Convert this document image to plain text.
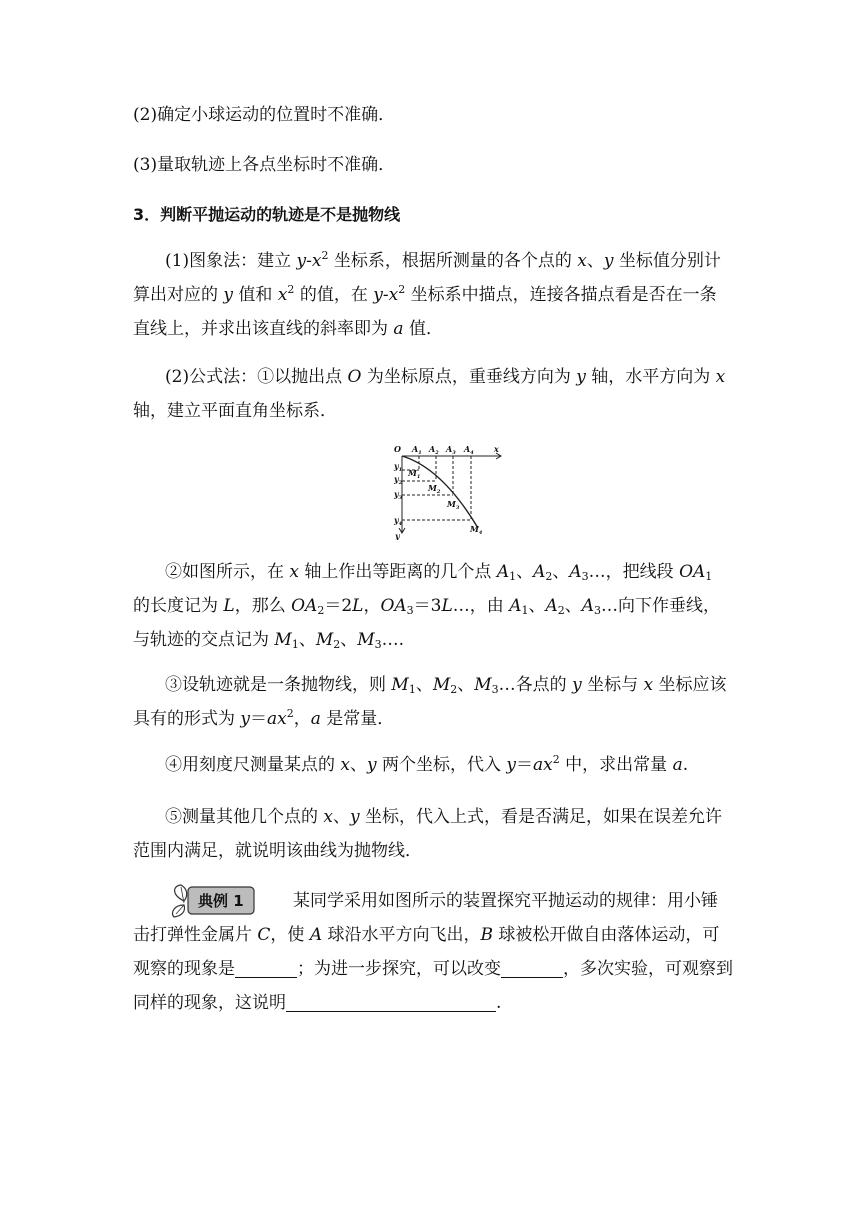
(2)确定小球运动的位置时不准确．

(3)量取轨迹上各点坐标时不准确．

3．判断平抛运动的轨迹是不是抛物线

(1)图象法：建立 $y-x^2$ 坐标系，根据所测量的各个点的 x、y 坐标值分别计算出对应的 y 值和 $x^2$ 的值，在 $y-x^2$ 坐标系中描点，连接各描点看是否在一条直线上，并求出该直线的斜率即为 a 值．

(2)公式法：①以抛出点 O 为坐标原点，重垂线方向为 y 轴，水平方向为 x 轴，建立平面直角坐标系．

O	x
y
$A_1$ $A_2$ $A_3$ $A_4$
$y_1$
$y_2$
$y_3$
$y_4$
$M_1$
$M_2$
$M_3$
$M_4$

②如图所示，在 x 轴上作出等距离的几个点 $A_1$、$A_2$、$A_3\dots$，把线段 $OA_1$ 的长度记为 L，那么 $OA_2=2L$，$OA_3=3L\dots$，由 $A_1$、$A_2$、$A_3\dots$向下作垂线，与轨迹的交点记为 $M_1$、$M_2$、$M_3\dots$.

③设轨迹就是一条抛物线，则 $M_1$、$M_2$、$M_3\dots$各点的 y 坐标与 x 坐标应该具有的形式为 $y=ax^2$，a 是常量．

④用刻度尺测量某点的 x、y 两个坐标，代入 $y=ax^2$ 中，求出常量 a.

⑤测量其他几个点的 x、y 坐标，代入上式，看是否满足，如果在误差允许范围内满足，就说明该曲线为抛物线．

典例 1	某同学采用如图所示的装置探究平抛运动的规律：用小锤击打弹性金属片 C，使 A 球沿水平方向飞出，B 球被松开做自由落体运动，可观察的现象是	；为进一步探究，可以改变	，多次实验，可观察到同样的现象，这说明	.
